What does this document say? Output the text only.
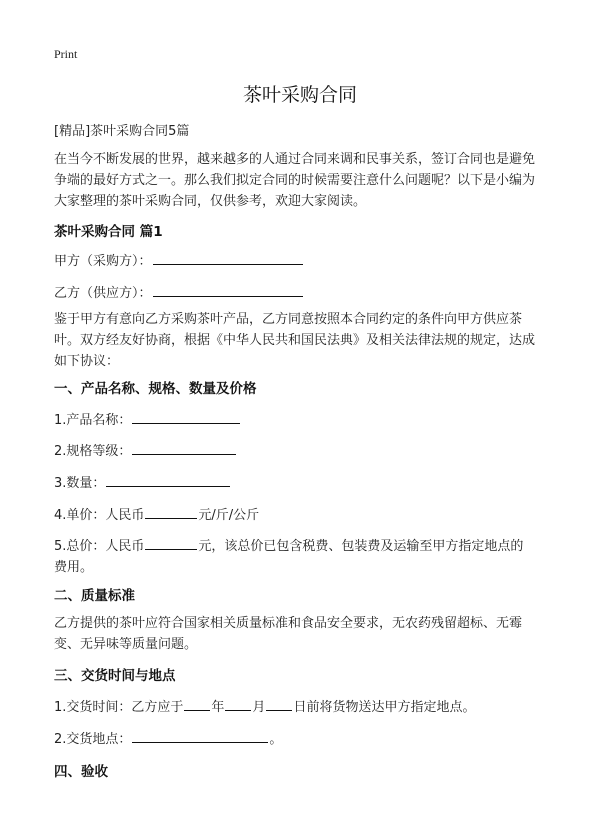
Print
茶叶采购合同
[精品]茶叶采购合同5篇
在当今不断发展的世界，越来越多的人通过合同来调和民事关系，签订合同也是避免争端的最好方式之一。那么我们拟定合同的时候需要注意什么问题呢？以下是小编为大家整理的茶叶采购合同，仅供参考，欢迎大家阅读。
茶叶采购合同 篇1
甲方（采购方）：
乙方（供应方）：
鉴于甲方有意向乙方采购茶叶产品，乙方同意按照本合同约定的条件向甲方供应茶叶。双方经友好协商，根据《中华人民共和国民法典》及相关法律法规的规定，达成如下协议：
一、产品名称、规格、数量及价格
1.产品名称：
2.规格等级：
3.数量：
4.单价：人民币	元/斤/公斤
5.总价：人民币	元，该总价已包含税费、包装费及运输至甲方指定地点的
费用。
二、质量标准
乙方提供的茶叶应符合国家相关质量标准和食品安全要求，无农药残留超标、无霉变、无异味等质量问题。
三、交货时间与地点
1.交货时间：乙方应于 年 月 日前将货物送达甲方指定地点。
2.交货地点：	。
四、验收
